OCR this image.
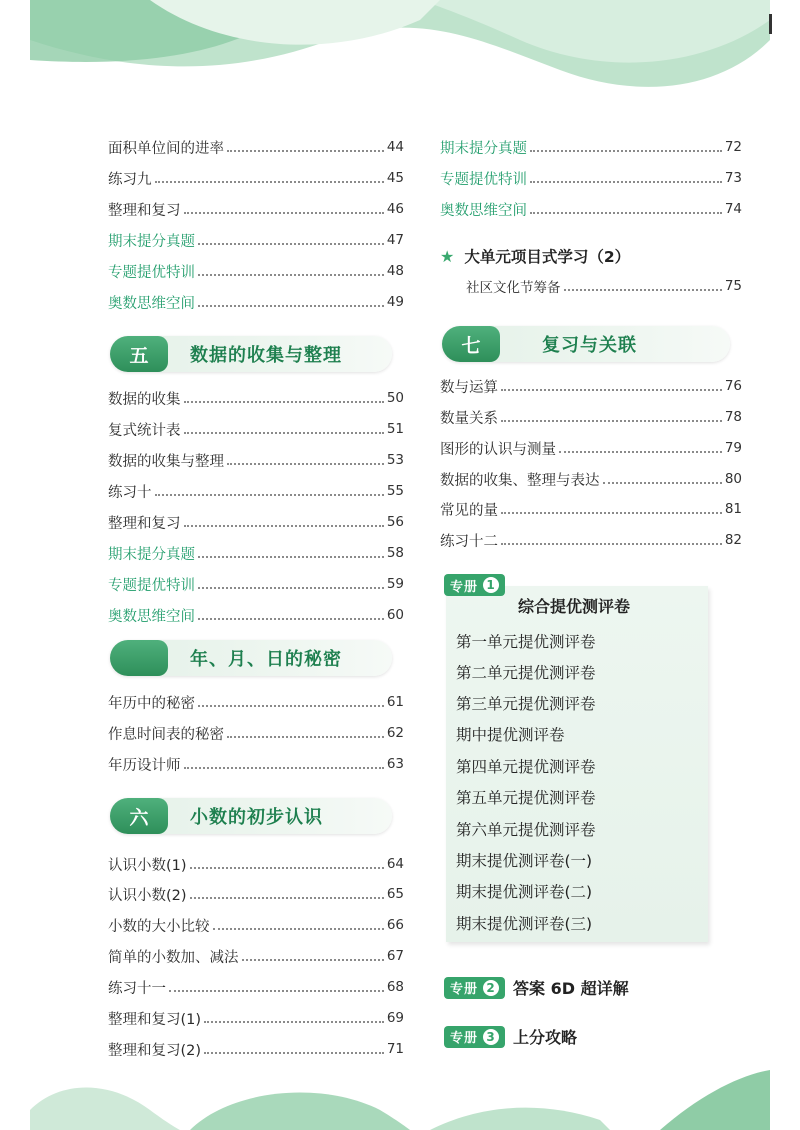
面积单位间的进率	44
练习九	45
整理和复习	46
期末提分真题	47
专题提优特训	48
奥数思维空间	49
五	数据的收集与整理
数据的收集	50
复式统计表	51
数据的收集与整理	53
练习十	55
整理和复习	56
期末提分真题	58
专题提优特训	59
奥数思维空间	60
年、月、日的秘密
年历中的秘密	61
作息时间表的秘密	62
年历设计师	63
六	小数的初步认识
认识小数(1)	64
认识小数(2)	65
小数的大小比较	66
简单的小数加、减法	67
练习十一	68
整理和复习(1)	69
整理和复习(2)	71
期末提分真题	72
专题提优特训	73
奥数思维空间	74
★ 大单元项目式学习（2）
社区文化节筹备	75
七	复习与关联
数与运算	76
数量关系	78
图形的认识与测量	79
数据的收集、整理与表达	80
常见的量	81
练习十二	82
专册 1
综合提优测评卷
第一单元提优测评卷
第二单元提优测评卷
第三单元提优测评卷
期中提优测评卷
第四单元提优测评卷
第五单元提优测评卷
第六单元提优测评卷
期末提优测评卷(一)
期末提优测评卷(二)
期末提优测评卷(三)
专册 2 答案 6D 超详解
专册 3 上分攻略
